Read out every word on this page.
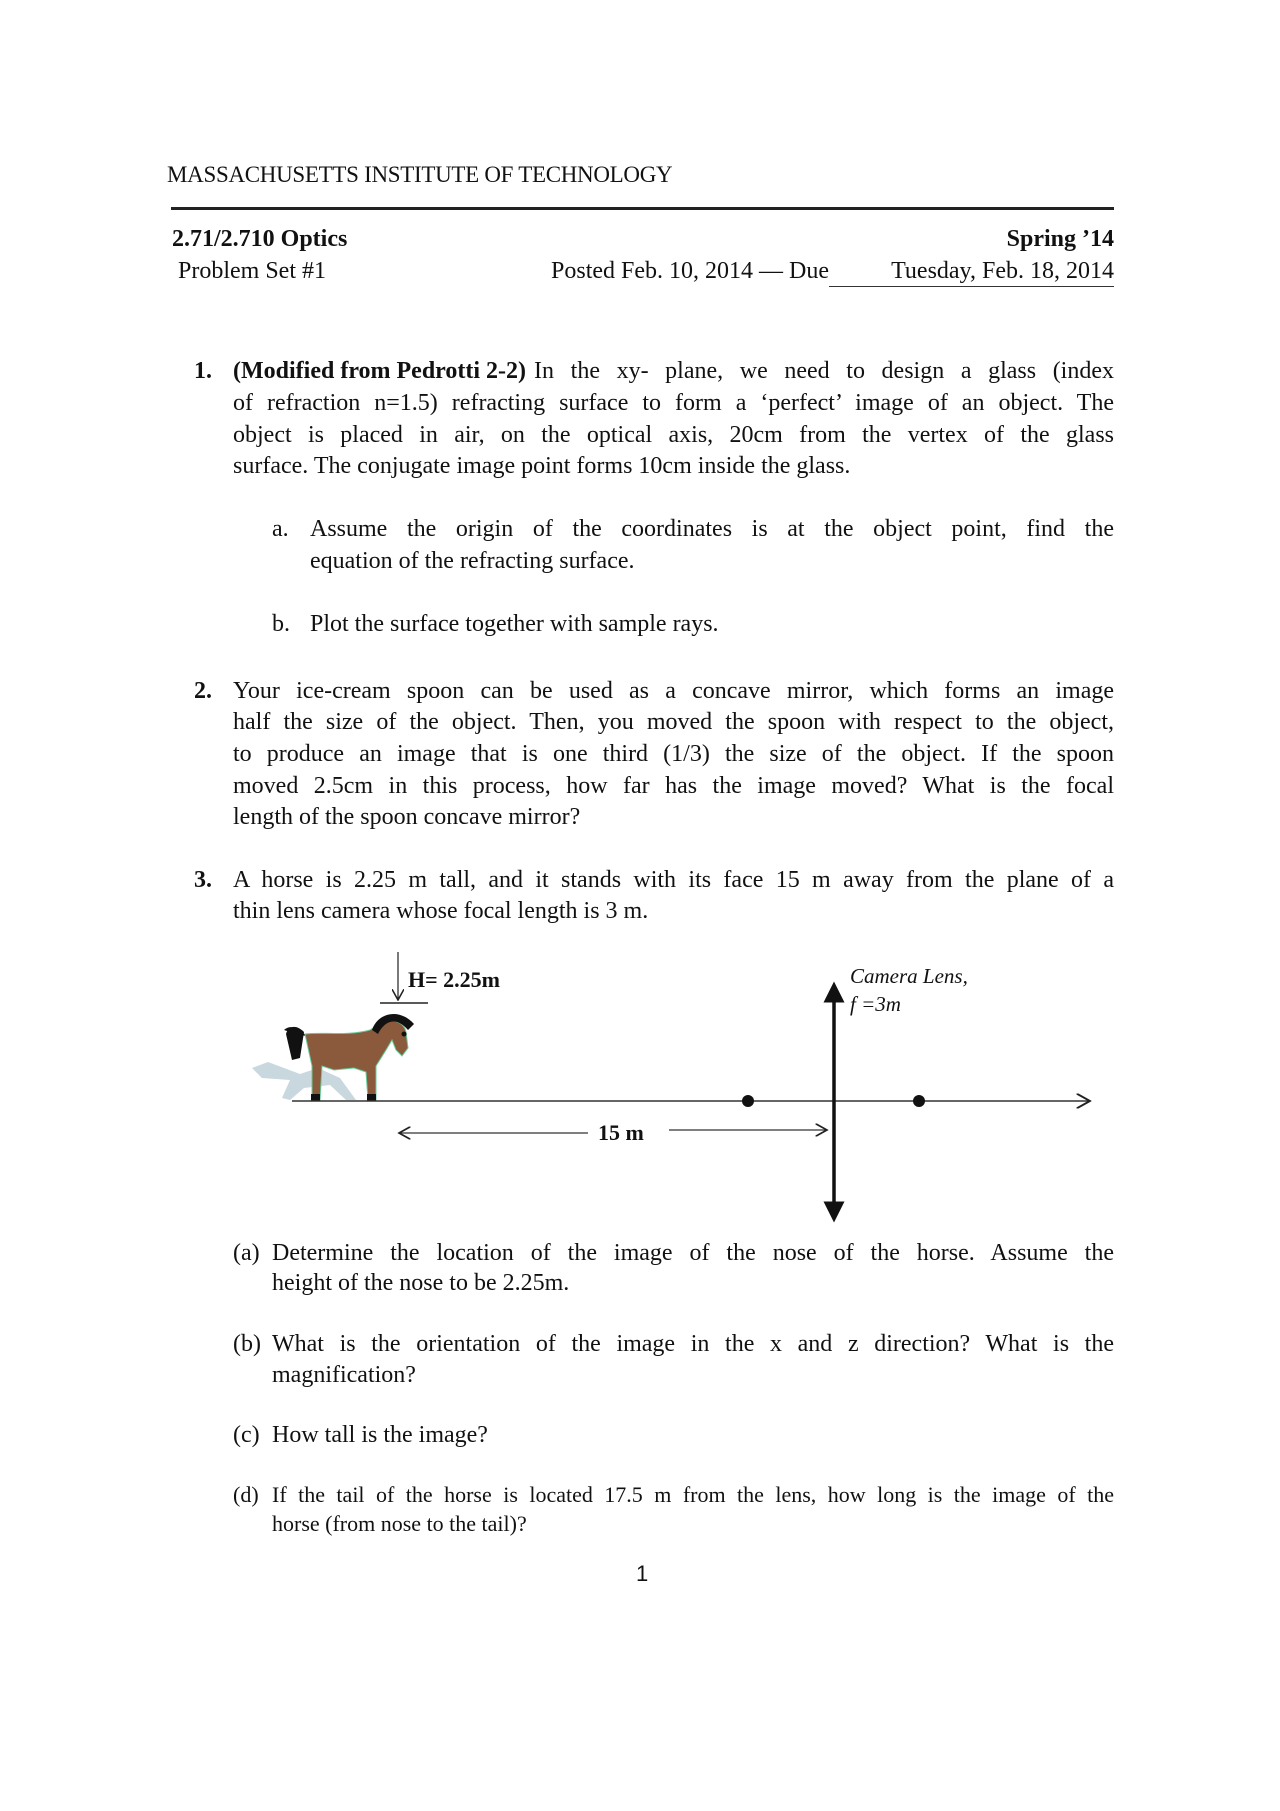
MASSACHUSETTS INSTITUTE OF TECHNOLOGY
2.71/2.710 Optics	Spring ’14
Problem Set #1	Posted Feb. 10, 2014 — Due	Tuesday, Feb. 18, 2014
1. (Modified from Pedrotti 2-2) In the xy- plane, we need to design a glass (index
of refraction n=1.5) refracting surface to form a ‘perfect’ image of an object. The
object is placed in air, on the optical axis, 20cm from the vertex of the glass
surface. The conjugate image point forms 10cm inside the glass.
a. Assume the origin of the coordinates is at the object point, find the
equation of the refracting surface.
b. Plot the surface together with sample rays.
2. Your ice-cream spoon can be used as a concave mirror, which forms an image
half the size of the object. Then, you moved the spoon with respect to the object,
to produce an image that is one third (1/3) the size of the object. If the spoon
moved 2.5cm in this process, how far has the image moved? What is the focal
length of the spoon concave mirror?
3. A horse is 2.25 m tall, and it stands with its face 15 m away from the plane of a
thin lens camera whose focal length is 3 m.
H= 2.25m	Camera Lens,
f =3m
15 m
(a) Determine the location of the image of the nose of the horse. Assume the
height of the nose to be 2.25m.
(b) What is the orientation of the image in the x and z direction? What is the
magnification?
(c) How tall is the image?
(d) If the tail of the horse is located 17.5 m from the lens, how long is the image of the
horse (from nose to the tail)?
1
